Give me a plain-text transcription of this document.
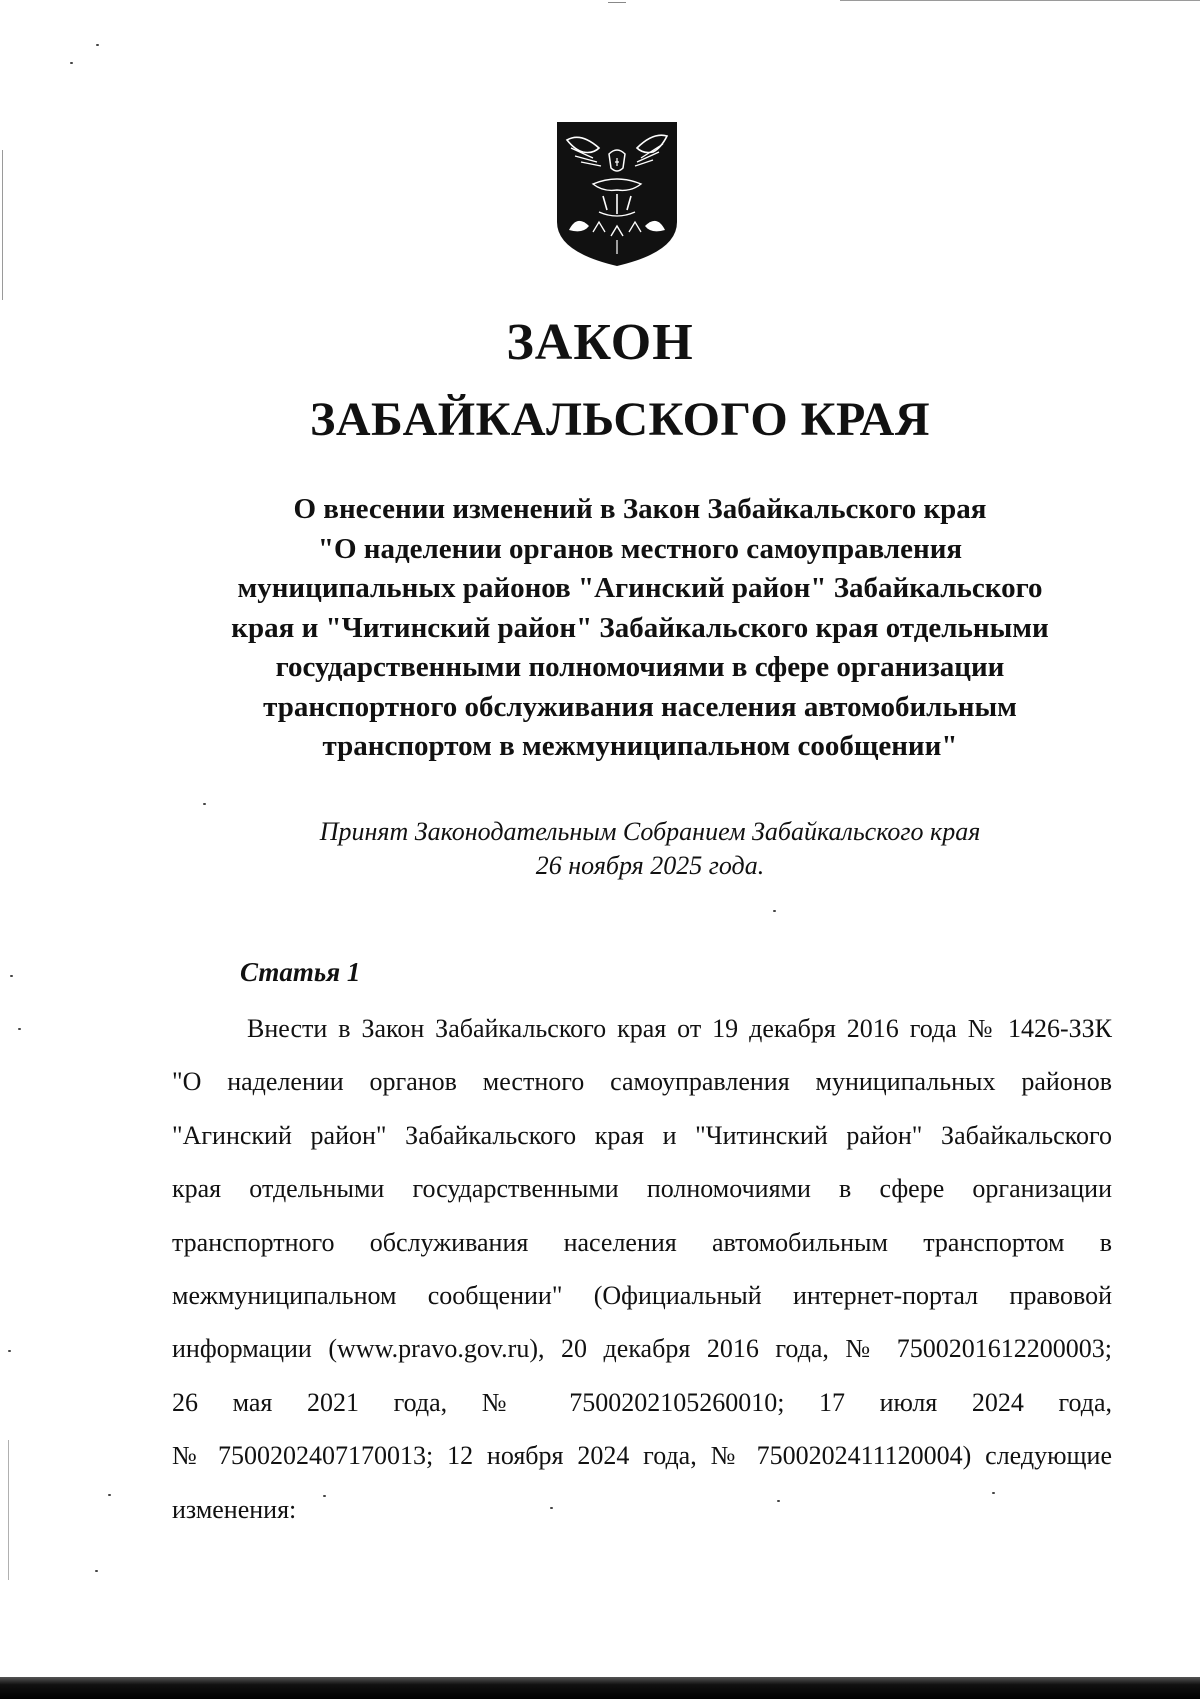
ЗАКОН
ЗАБАЙКАЛЬСКОГО КРАЯ
О внесении изменений в Закон Забайкальского края
"О наделении органов местного самоуправления
муниципальных районов "Агинский район" Забайкальского
края и "Читинский район" Забайкальского края отдельными
государственными полномочиями в сфере организации
транспортного обслуживания населения автомобильным
транспортом в межмуниципальном сообщении"
Принят Законодательным Собранием Забайкальского края
26 ноября 2025 года.
Статья 1
Внести в Закон Забайкальского края от 19 декабря 2016 года № 1426-ЗЗК
"О наделении органов местного самоуправления муниципальных районов
"Агинский район" Забайкальского края и "Читинский район" Забайкальского
края отдельными государственными полномочиями в сфере организации
транспортного обслуживания населения автомобильным транспортом в
межмуниципальном сообщении" (Официальный интернет-портал правовой
информации (www.pravo.gov.ru), 20 декабря 2016 года, № 7500201612200003;
26 мая 2021 года, № 7500202105260010; 17 июля 2024 года,
№ 7500202407170013; 12 ноября 2024 года, № 7500202411120004) следующие
изменения:
